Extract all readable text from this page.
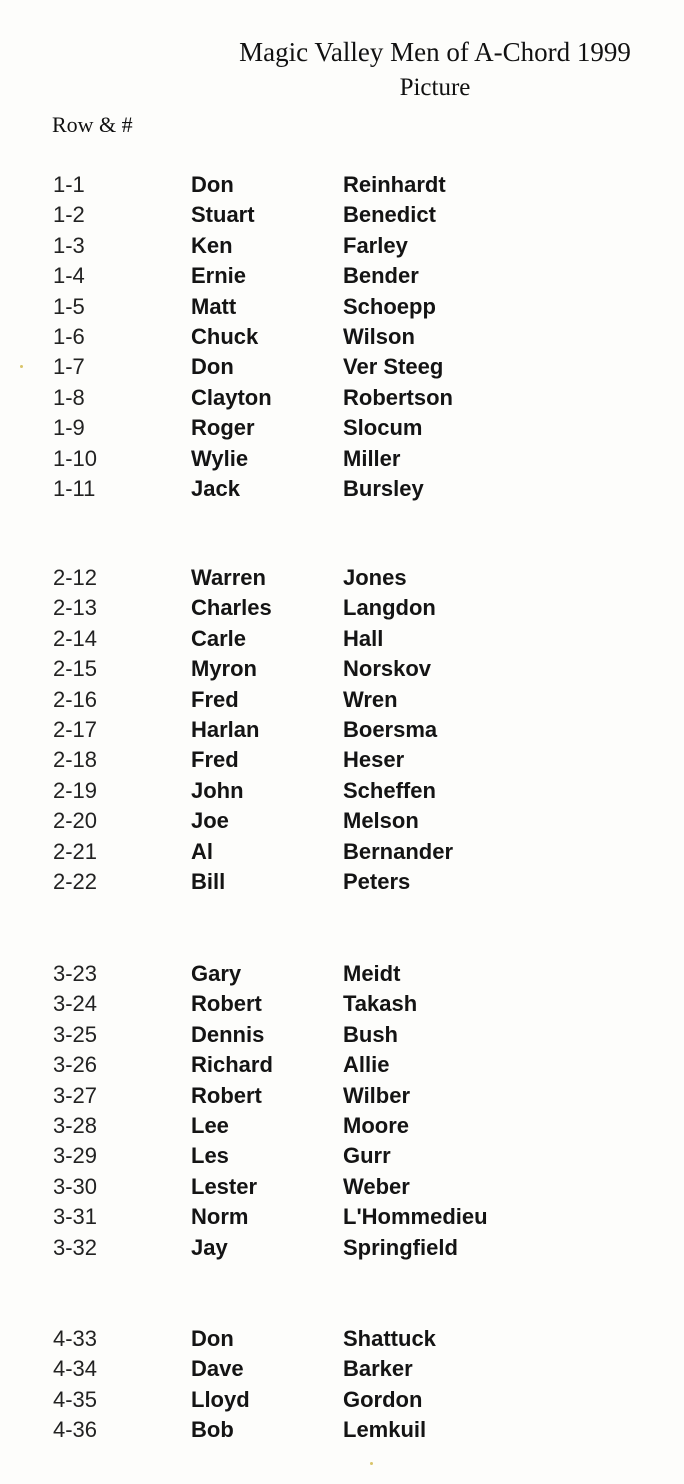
Magic Valley Men of A-Chord 1999
Picture
Row & #
1-1	Don	Reinhardt
1-2	Stuart	Benedict
1-3	Ken	Farley
1-4	Ernie	Bender
1-5	Matt	Schoepp
1-6	Chuck	Wilson
1-7	Don	Ver Steeg
1-8	Clayton	Robertson
1-9	Roger	Slocum
1-10	Wylie	Miller
1-11	Jack	Bursley
2-12	Warren	Jones
2-13	Charles	Langdon
2-14	Carle	Hall
2-15	Myron	Norskov
2-16	Fred	Wren
2-17	Harlan	Boersma
2-18	Fred	Heser
2-19	John	Scheffen
2-20	Joe	Melson
2-21	Al	Bernander
2-22	Bill	Peters
3-23	Gary	Meidt
3-24	Robert	Takash
3-25	Dennis	Bush
3-26	Richard	Allie
3-27	Robert	Wilber
3-28	Lee	Moore
3-29	Les	Gurr
3-30	Lester	Weber
3-31	Norm	L'Hommedieu
3-32	Jay	Springfield
4-33	Don	Shattuck
4-34	Dave	Barker
4-35	Lloyd	Gordon
4-36	Bob	Lemkuil
